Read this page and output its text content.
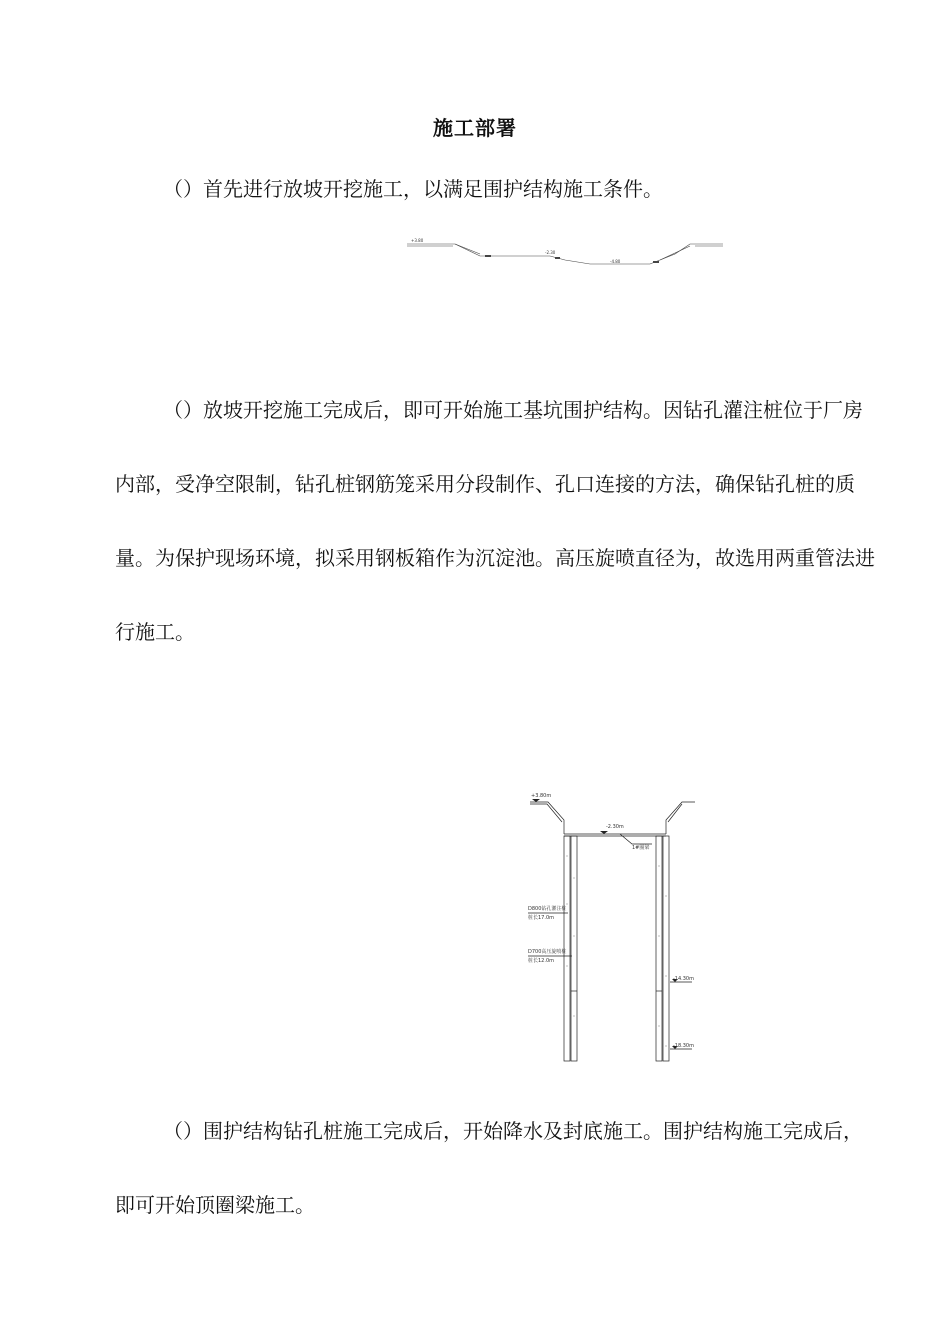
施工部署

（）首先进行放坡开挖施工，以满足围护结构施工条件。

+3.80
-2.30
-4.80

（）放坡开挖施工完成后，即可开始施工基坑围护结构。因钻孔灌注桩位于厂房内部，受净空限制，钻孔桩钢筋笼采用分段制作、孔口连接的方法，确保钻孔桩的质量。为保护现场环境，拟采用钢板箱作为沉淀池。高压旋喷直径为，故选用两重管法进行施工。

+3.80m
-2.30m
1#圈梁
D800钻孔灌注桩
桩长17.0m
D700高压旋喷桩
桩长12.0m
-14.30m
-18.30m

（）围护结构钻孔桩施工完成后，开始降水及封底施工。围护结构施工完成后，即可开始顶圈梁施工。
